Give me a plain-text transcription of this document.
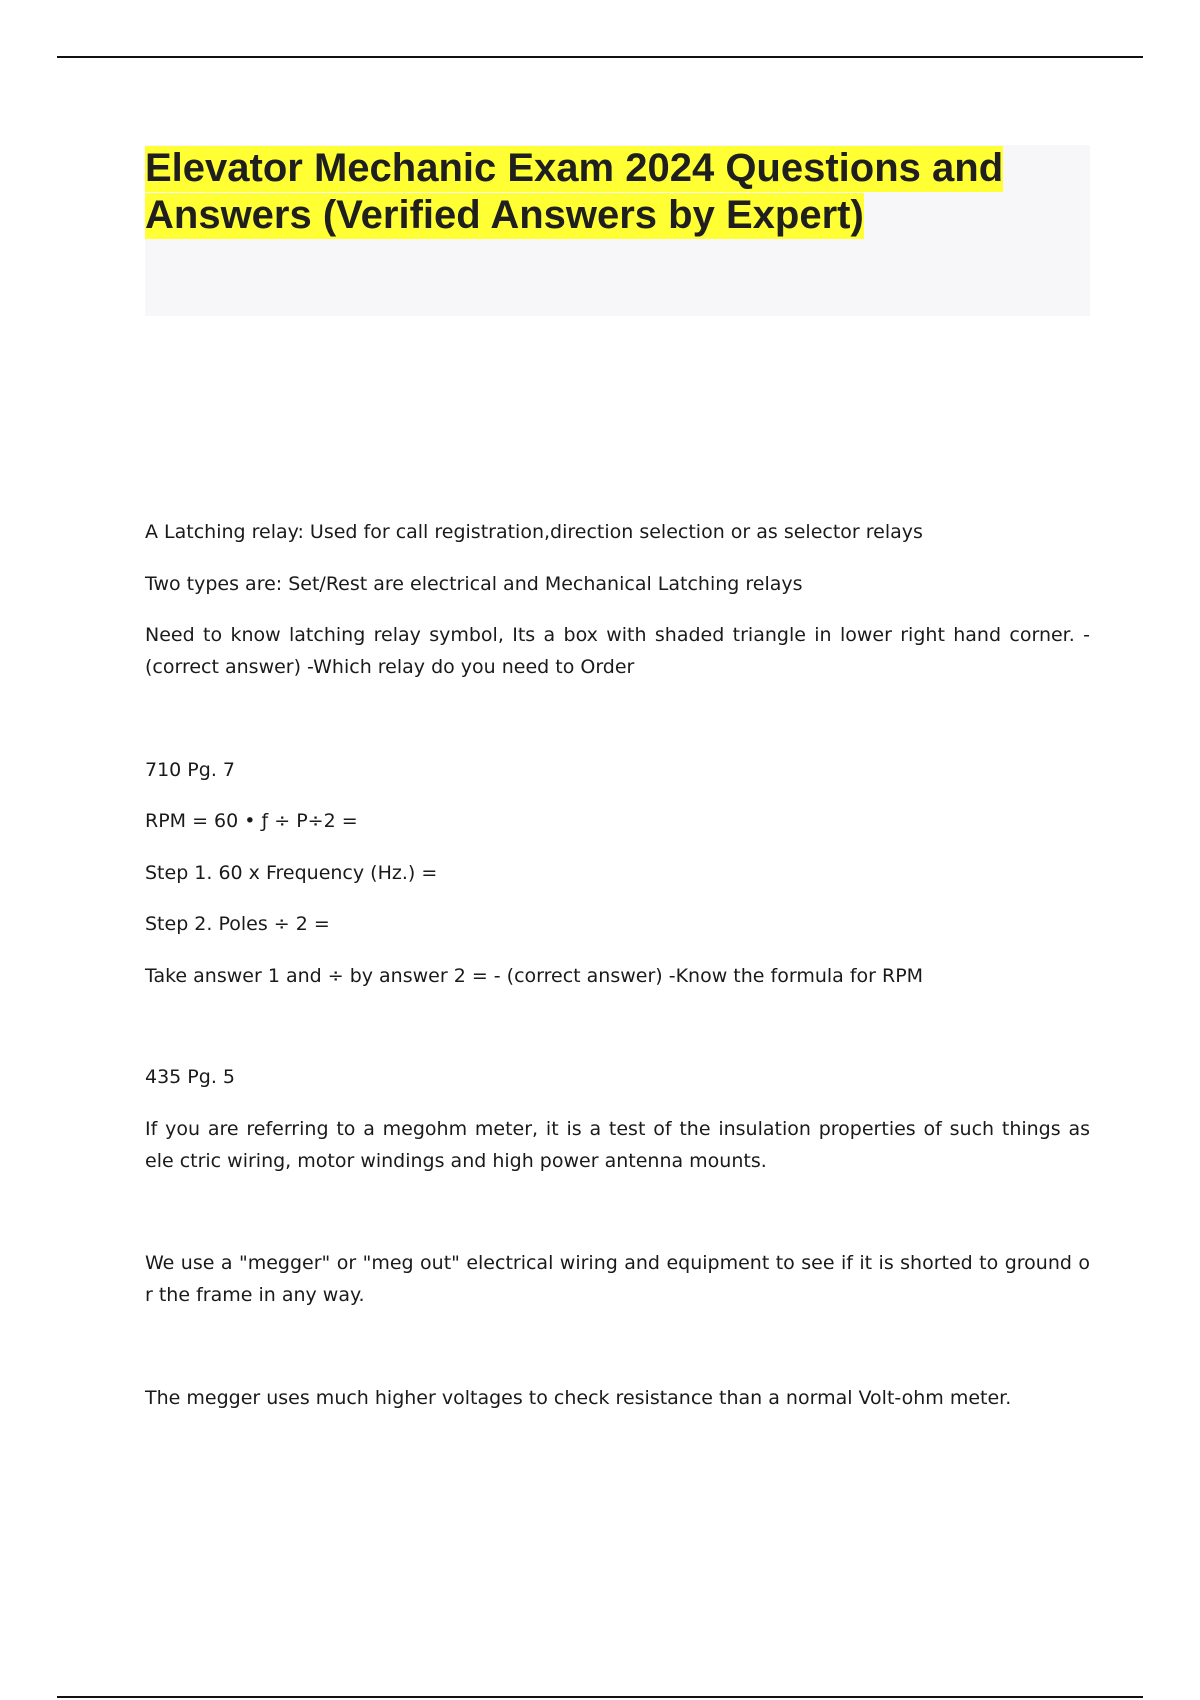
Elevator Mechanic Exam 2024 Questions and Answers (Verified Answers by Expert)

A Latching relay: Used for call registration,direction selection or as selector relays

Two types are: Set/Rest are electrical and Mechanical Latching relays

Need to know latching relay symbol, Its a box with shaded triangle in lower right hand corner. - (correct answer) -Which relay do you need to Order

710 Pg. 7

RPM = 60 • ƒ ÷ P÷2 =

Step 1. 60 x Frequency (Hz.) =

Step 2. Poles ÷ 2 =

Take answer 1 and ÷ by answer 2 = - (correct answer) -Know the formula for RPM

435 Pg. 5

If you are referring to a megohm meter, it is a test of the insulation properties of such things as ele ctric wiring, motor windings and high power antenna mounts.

We use a "megger" or "meg out" electrical wiring and equipment to see if it is shorted to ground o r the frame in any way.

The megger uses much higher voltages to check resistance than a normal Volt-ohm meter.
